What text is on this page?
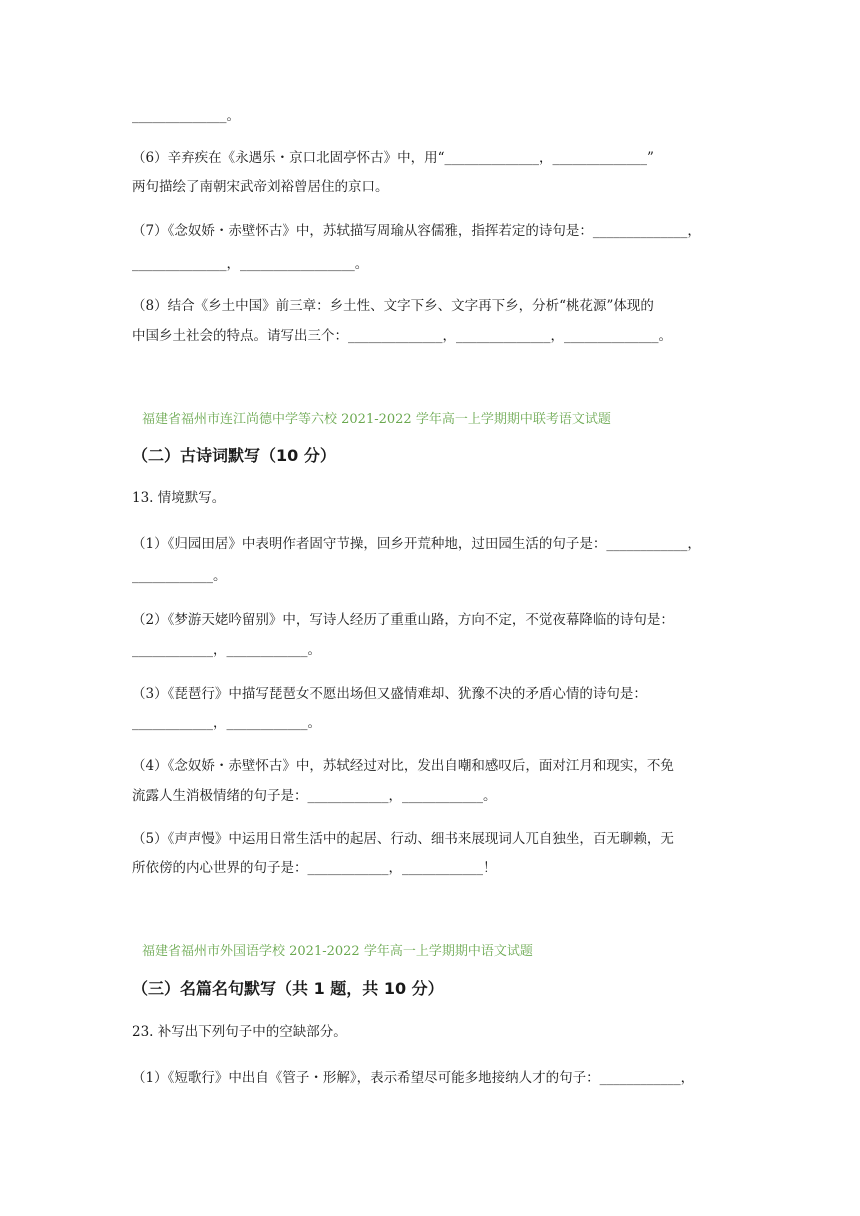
______________。
（6）辛弃疾在《永遇乐・京口北固亭怀古》中，用“______________，______________”
两句描绘了南朝宋武帝刘裕曾居住的京口。
（7）《念奴娇・赤壁怀古》中，苏轼描写周瑜从容儒雅，指挥若定的诗句是：______________，
______________，_________________。
（8）结合《乡土中国》前三章：乡土性、文字下乡、文字再下乡，分析“桃花源”体现的
中国乡土社会的特点。请写出三个：______________，______________，______________。
福建省福州市连江尚德中学等六校 2021-2022 学年高一上学期期中联考语文试题
（二）古诗词默写（10 分）
13. 情境默写。
（1）《归园田居》中表明作者固守节操，回乡开荒种地，过田园生活的句子是：____________，
____________。
（2）《梦游天姥吟留别》中，写诗人经历了重重山路，方向不定，不觉夜幕降临的诗句是：
____________，____________。
（3）《琵琶行》中描写琵琶女不愿出场但又盛情难却、犹豫不决的矛盾心情的诗句是：
____________，____________。
（4）《念奴娇・赤壁怀古》中，苏轼经过对比，发出自嘲和感叹后，面对江月和现实，不免
流露人生消极情绪的句子是：____________，____________。
（5）《声声慢》中运用日常生活中的起居、行动、细书来展现词人兀自独坐，百无聊赖，无
所依傍的内心世界的句子是：____________，____________！
福建省福州市外国语学校 2021-2022 学年高一上学期期中语文试题
（三）名篇名句默写（共 1 题，共 10 分）
23. 补写出下列句子中的空缺部分。
（1）《短歌行》中出自《管子・形解》，表示希望尽可能多地接纳人才的句子：____________，
